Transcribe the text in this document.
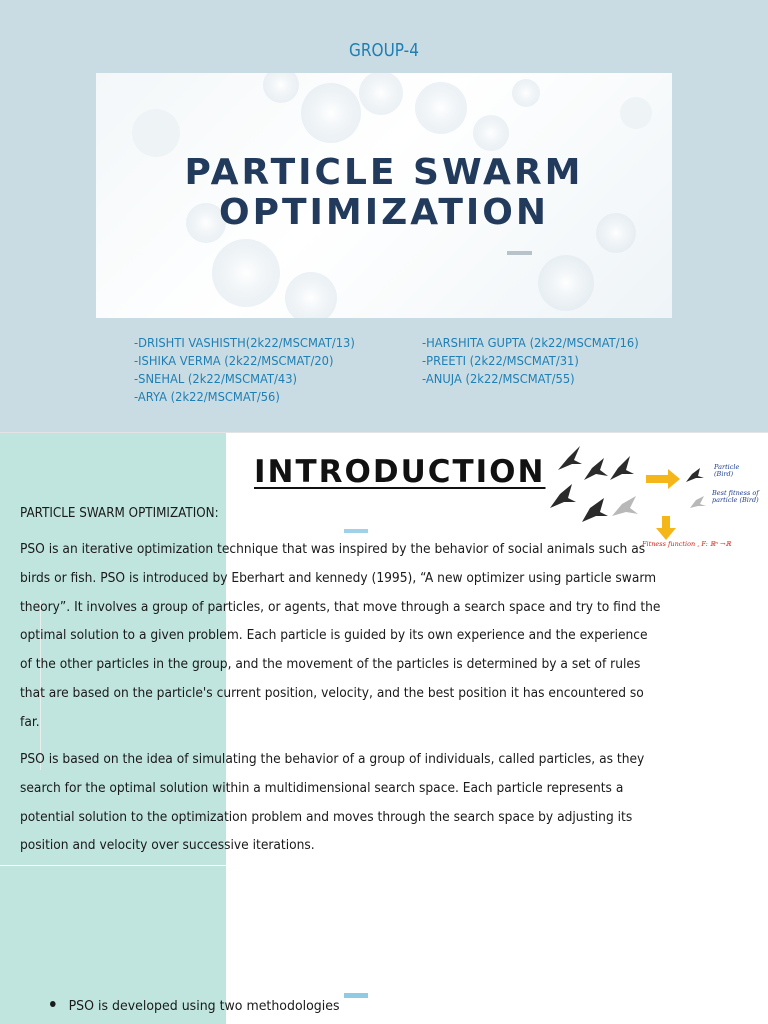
GROUP-4
PARTICLE SWARM
OPTIMIZATION
-DRISHTI VASHISTH(2k22/MSCMAT/13)
-ISHIKA VERMA (2k22/MSCMAT/20)
-SNEHAL (2k22/MSCMAT/43)
-ARYA (2k22/MSCMAT/56)
-HARSHITA GUPTA (2k22/MSCMAT/16)
-PREETI (2k22/MSCMAT/31)
-ANUJA (2k22/MSCMAT/55)
INTRODUCTION	Particle (Bird)
Best fitness of
particle (Bird)
Fitness function , F: ℝⁿ →ℝ
PARTICLE SWARM OPTIMIZATION:
PSO is an iterative optimization technique that was inspired by the behavior of social animals such as birds or fish. PSO is introduced by Eberhart and kennedy (1995), “A new optimizer using particle swarm theory”. It involves a group of particles, or agents, that move through a search space and try to find the optimal solution to a given problem. Each particle is guided by its own experience and the experience of the other particles in the group, and the movement of the particles is determined by a set of rules that are based on the particle's current position, velocity, and the best position it has encountered so far.
PSO is based on the idea of simulating the behavior of a group of individuals, called particles, as they search for the optimal solution within a multidimensional search space. Each particle represents a potential solution to the optimization problem and moves through the search space by adjusting its position and velocity over successive iterations.
PSO is developed using two methodologies
